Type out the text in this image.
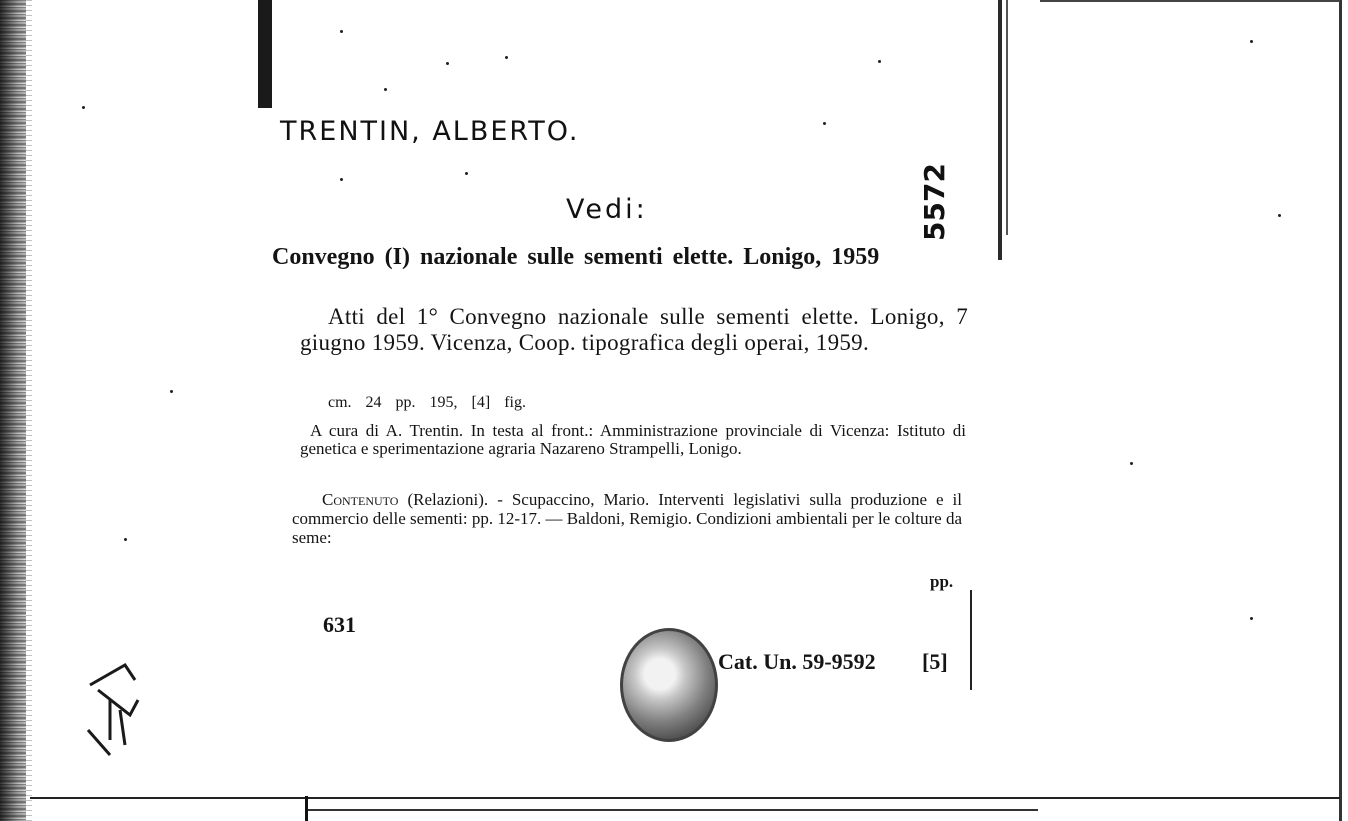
TRENTIN, ALBERTO.
Vedi:	5572
Convegno (I) nazionale sulle sementi elette. Lonigo, 1959
Atti del 1° Convegno nazionale sulle sementi elette. Lonigo, 7 giugno 1959. Vicenza, Coop. tipografica degli operai, 1959.
cm. 24 pp. 195, [4] fig.
A cura di A. Trentin. In testa al front.: Amministrazione provinciale di Vicenza: Istituto di genetica e sperimentazione agraria Nazareno Strampelli, Lonigo.
Contenuto (Relazioni). - Scupaccino, Mario. Interventi legislativi sulla produzione e il commercio delle sementi: pp. 12-17. — Baldoni, Remigio. Condizioni ambientali per le colture da seme:
pp.
631
Cat. Un. 59-9592 [5]
